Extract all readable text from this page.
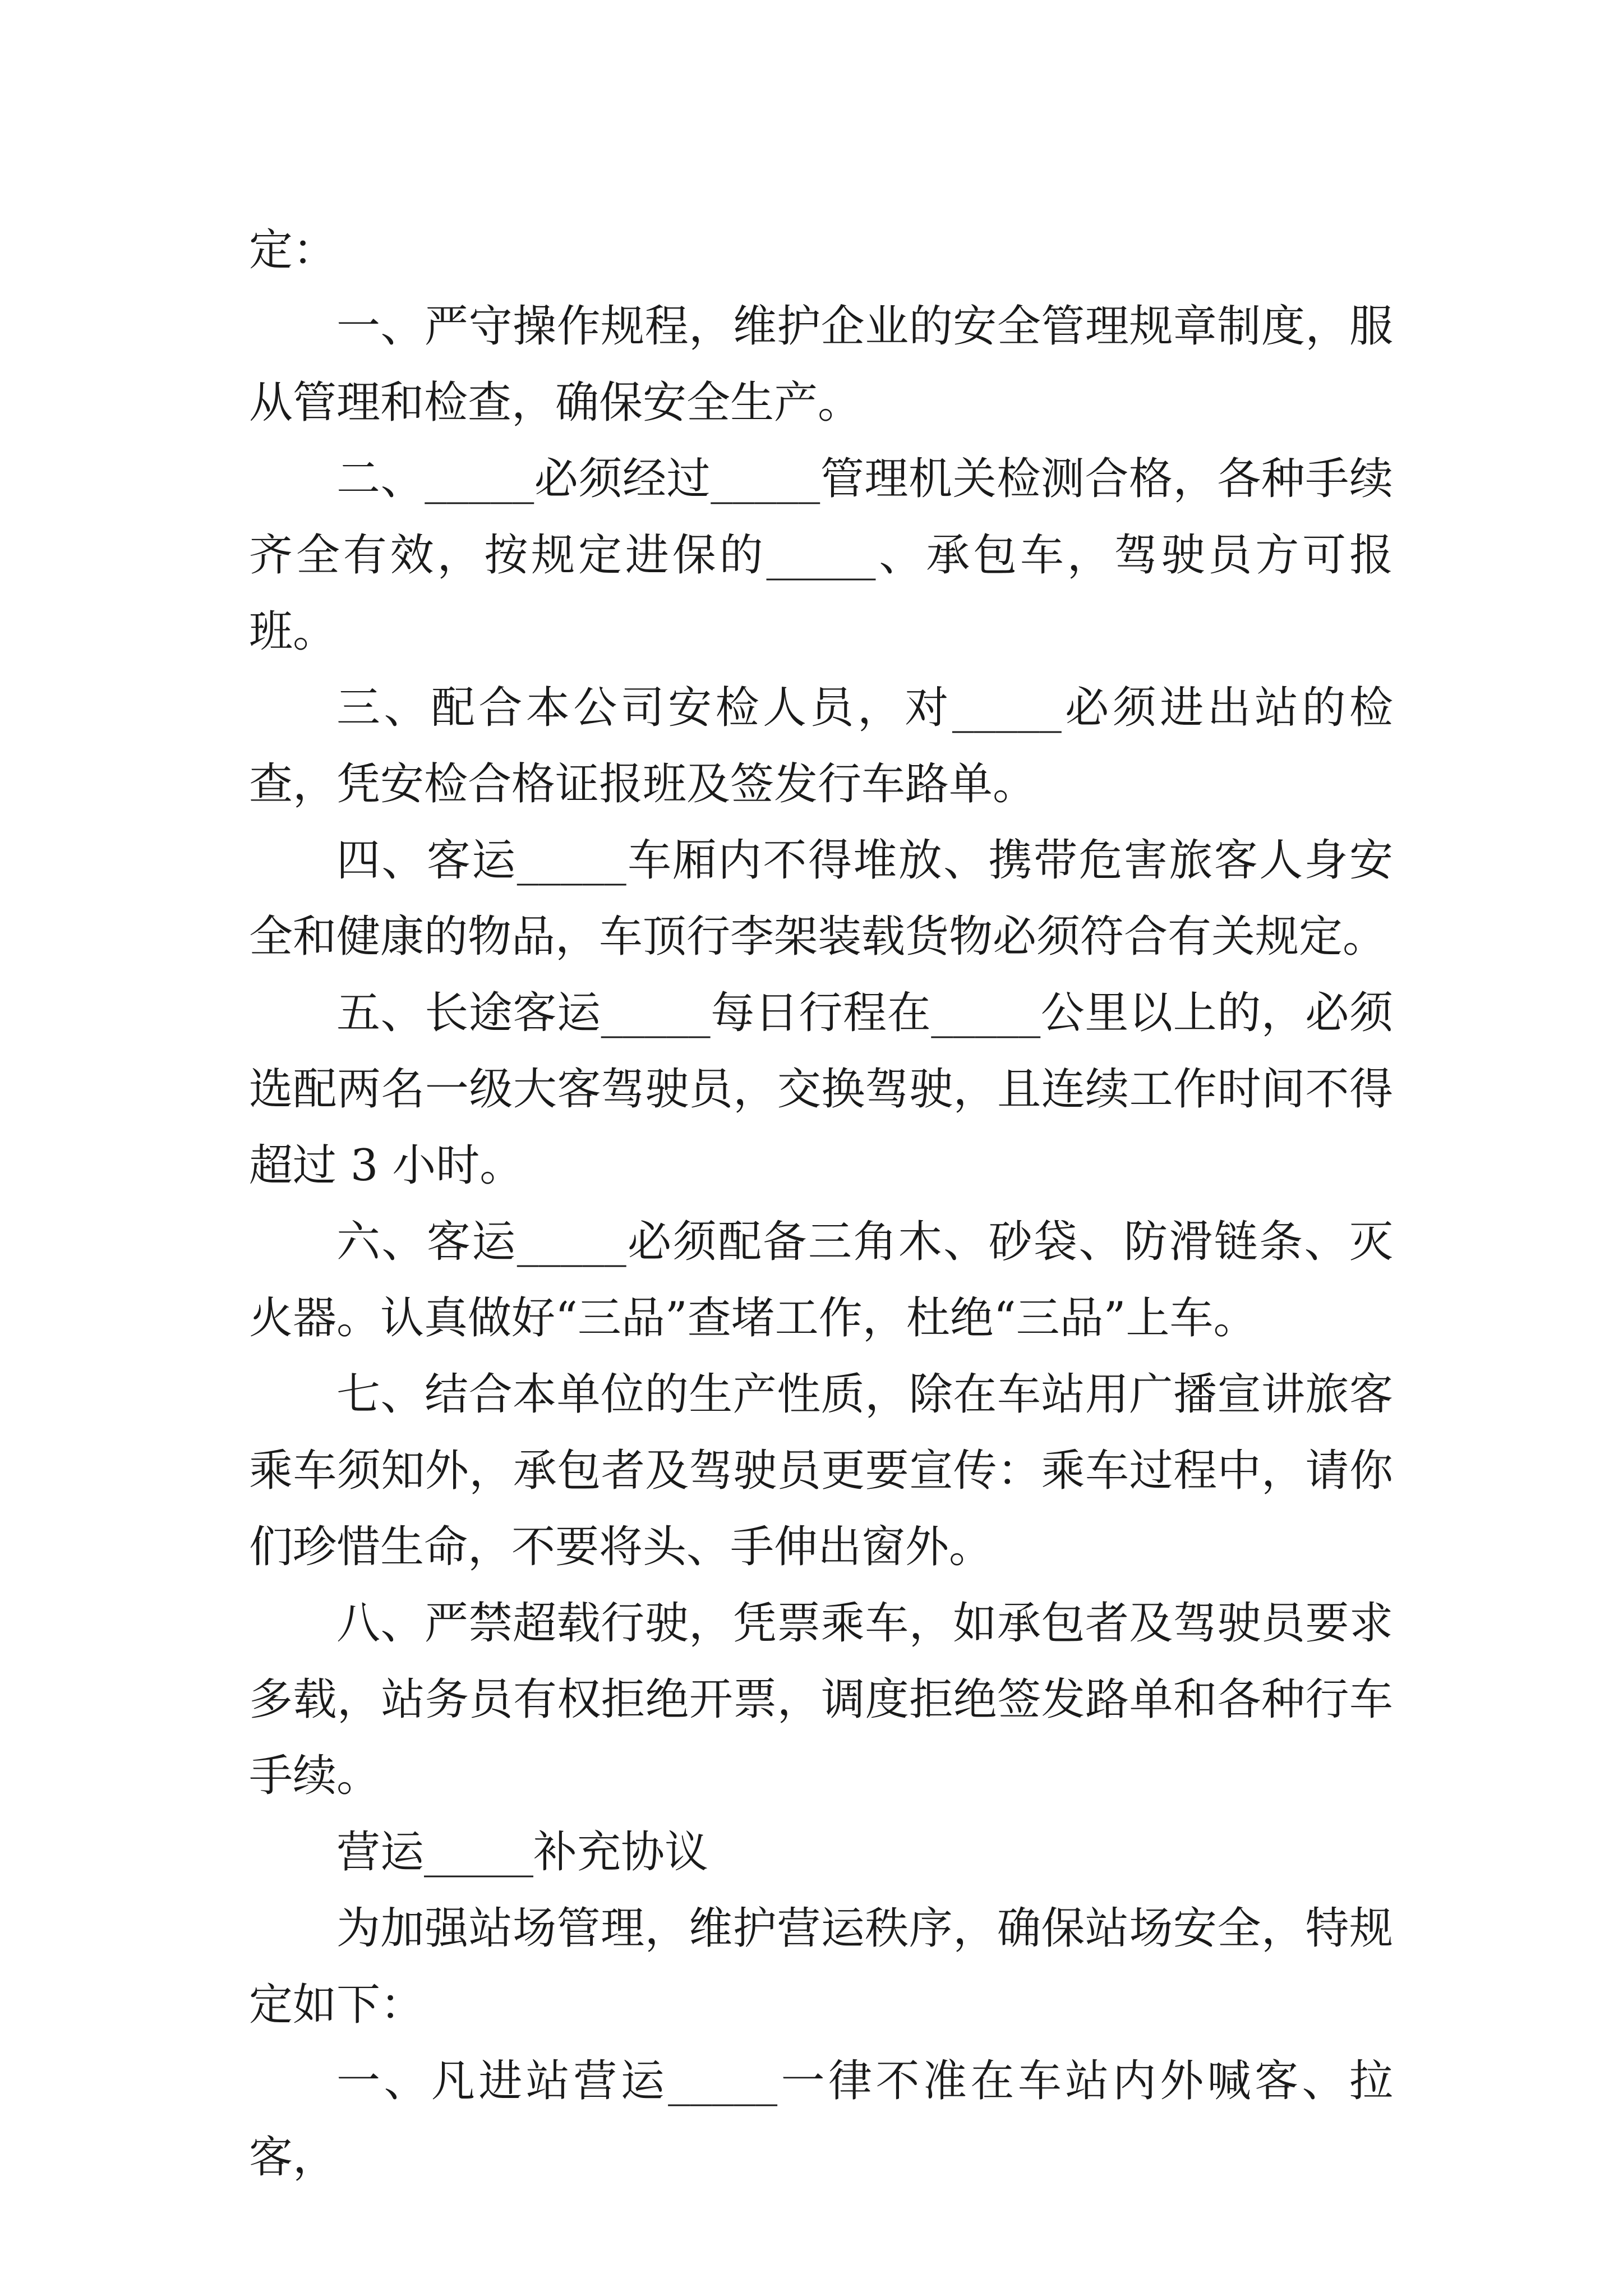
定：

一、严守操作规程，维护企业的安全管理规章制度，服从管理和检查，确保安全生产。

二、_____必须经过_____管理机关检测合格，各种手续齐全有效，按规定进保的_____、承包车，驾驶员方可报班。

三、配合本公司安检人员，对_____必须进出站的检查，凭安检合格证报班及签发行车路单。

四、客运_____车厢内不得堆放、携带危害旅客人身安全和健康的物品，车顶行李架装载货物必须符合有关规定。

五、长途客运_____每日行程在_____公里以上的，必须选配两名一级大客驾驶员，交换驾驶，且连续工作时间不得超过 3 小时。

六、客运_____必须配备三角木、砂袋、防滑链条、灭火器。认真做好“三品”查堵工作，杜绝“三品”上车。

七、结合本单位的生产性质，除在车站用广播宣讲旅客乘车须知外，承包者及驾驶员更要宣传：乘车过程中，请你们珍惜生命，不要将头、手伸出窗外。

八、严禁超载行驶，凭票乘车，如承包者及驾驶员要求多载，站务员有权拒绝开票，调度拒绝签发路单和各种行车手续。

营运_____补充协议

为加强站场管理，维护营运秩序，确保站场安全，特规定如下：

一、凡进站营运_____一律不准在车站内外喊客、拉客，
